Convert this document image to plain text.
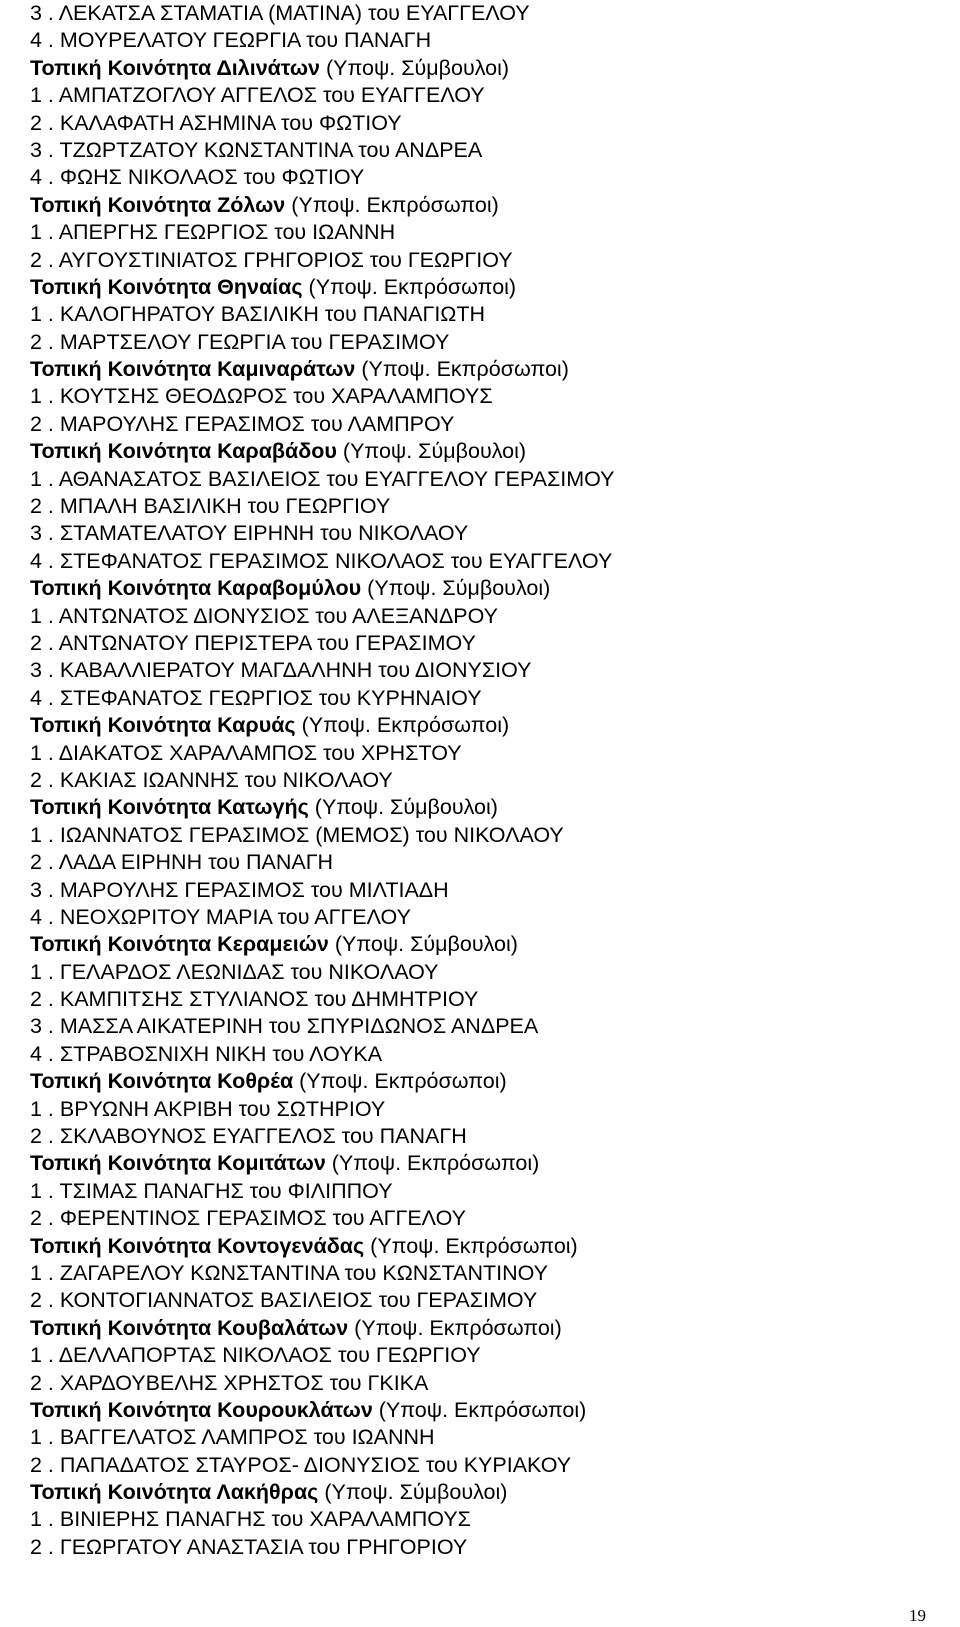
3 . ΛΕΚΑΤΣΑ ΣΤΑΜΑΤΙΑ (ΜΑΤΙΝΑ) του ΕΥΑΓΓΕΛΟΥ
4 . ΜΟΥΡΕΛΑΤΟΥ ΓΕΩΡΓΙΑ του ΠΑΝΑΓΗ
Τοπική Κοινότητα Διλινάτων (Υποψ. Σύμβουλοι)
1 . ΑΜΠΑΤΖΟΓΛΟΥ ΑΓΓΕΛΟΣ του ΕΥΑΓΓΕΛΟΥ
2 . ΚΑΛΑΦΑΤΗ ΑΣΗΜΙΝΑ του ΦΩΤΙΟΥ
3 . ΤΖΩΡΤΖΑΤΟΥ ΚΩΝΣΤΑΝΤΙΝΑ του ΑΝΔΡΕΑ
4 . ΦΩΗΣ ΝΙΚΟΛΑΟΣ του ΦΩΤΙΟΥ
Τοπική Κοινότητα Ζόλων (Υποψ. Εκπρόσωποι)
1 . ΑΠΕΡΓΗΣ ΓΕΩΡΓΙΟΣ του ΙΩΑΝΝΗ
2 . ΑΥΓΟΥΣΤΙΝΙΑΤΟΣ ΓΡΗΓΟΡΙΟΣ του ΓΕΩΡΓΙΟΥ
Τοπική Κοινότητα Θηναίας (Υποψ. Εκπρόσωποι)
1 . ΚΑΛΟΓΗΡΑΤΟΥ ΒΑΣΙΛΙΚΗ του ΠΑΝΑΓΙΩΤΗ
2 . ΜΑΡΤΣΕΛΟΥ ΓΕΩΡΓΙΑ του ΓΕΡΑΣΙΜΟΥ
Τοπική Κοινότητα Καμιναράτων (Υποψ. Εκπρόσωποι)
1 . ΚΟΥΤΣΗΣ ΘΕΟΔΩΡΟΣ του ΧΑΡΑΛΑΜΠΟΥΣ
2 . ΜΑΡΟΥΛΗΣ ΓΕΡΑΣΙΜΟΣ του ΛΑΜΠΡΟΥ
Τοπική Κοινότητα Καραβάδου (Υποψ. Σύμβουλοι)
1 . ΑΘΑΝΑΣΑΤΟΣ ΒΑΣΙΛΕΙΟΣ του ΕΥΑΓΓΕΛΟΥ ΓΕΡΑΣΙΜΟΥ
2 . ΜΠΑΛΗ ΒΑΣΙΛΙΚΗ του ΓΕΩΡΓΙΟΥ
3 . ΣΤΑΜΑΤΕΛΑΤΟΥ ΕΙΡΗΝΗ του ΝΙΚΟΛΑΟΥ
4 . ΣΤΕΦΑΝΑΤΟΣ ΓΕΡΑΣΙΜΟΣ ΝΙΚΟΛΑΟΣ του ΕΥΑΓΓΕΛΟΥ
Τοπική Κοινότητα Καραβομύλου (Υποψ. Σύμβουλοι)
1 . ΑΝΤΩΝΑΤΟΣ ΔΙΟΝΥΣΙΟΣ του ΑΛΕΞΑΝΔΡΟΥ
2 . ΑΝΤΩΝΑΤΟΥ ΠΕΡΙΣΤΕΡΑ του ΓΕΡΑΣΙΜΟΥ
3 . ΚΑΒΑΛΛΙΕΡΑΤΟΥ ΜΑΓΔΑΛΗΝΗ του ΔΙΟΝΥΣΙΟΥ
4 . ΣΤΕΦΑΝΑΤΟΣ ΓΕΩΡΓΙΟΣ του ΚΥΡΗΝΑΙΟΥ
Τοπική Κοινότητα Καρυάς (Υποψ. Εκπρόσωποι)
1 . ΔΙΑΚΑΤΟΣ ΧΑΡΑΛΑΜΠΟΣ του ΧΡΗΣΤΟΥ
2 . ΚΑΚΙΑΣ ΙΩΑΝΝΗΣ του ΝΙΚΟΛΑΟΥ
Τοπική Κοινότητα Κατωγής (Υποψ. Σύμβουλοι)
1 . ΙΩΑΝΝΑΤΟΣ ΓΕΡΑΣΙΜΟΣ (ΜΕΜΟΣ) του ΝΙΚΟΛΑΟΥ
2 . ΛΑΔΑ ΕΙΡΗΝΗ του ΠΑΝΑΓΗ
3 . ΜΑΡΟΥΛΗΣ ΓΕΡΑΣΙΜΟΣ του ΜΙΛΤΙΑΔΗ
4 . ΝΕΟΧΩΡΙΤΟΥ ΜΑΡΙΑ του ΑΓΓΕΛΟΥ
Τοπική Κοινότητα Κεραμειών (Υποψ. Σύμβουλοι)
1 . ΓΕΛΑΡΔΟΣ ΛΕΩΝΙΔΑΣ του ΝΙΚΟΛΑΟΥ
2 . ΚΑΜΠΙΤΣΗΣ ΣΤΥΛΙΑΝΟΣ του ΔΗΜΗΤΡΙΟΥ
3 . ΜΑΣΣΑ ΑΙΚΑΤΕΡΙΝΗ του ΣΠΥΡΙΔΩΝΟΣ ΑΝΔΡΕΑ
4 . ΣΤΡΑΒΟΣΝΙΧΗ ΝΙΚΗ του ΛΟΥΚΑ
Τοπική Κοινότητα Κοθρέα (Υποψ. Εκπρόσωποι)
1 . ΒΡΥΩΝΗ ΑΚΡΙΒΗ του ΣΩΤΗΡΙΟΥ
2 . ΣΚΛΑΒΟΥΝΟΣ ΕΥΑΓΓΕΛΟΣ του ΠΑΝΑΓΗ
Τοπική Κοινότητα Κομιτάτων (Υποψ. Εκπρόσωποι)
1 . ΤΣΙΜΑΣ ΠΑΝΑΓΗΣ του ΦΙΛΙΠΠΟΥ
2 . ΦΕΡΕΝΤΙΝΟΣ ΓΕΡΑΣΙΜΟΣ του ΑΓΓΕΛΟΥ
Τοπική Κοινότητα Κοντογενάδας (Υποψ. Εκπρόσωποι)
1 . ΖΑΓΑΡΕΛΟΥ ΚΩΝΣΤΑΝΤΙΝΑ του ΚΩΝΣΤΑΝΤΙΝΟΥ
2 . ΚΟΝΤΟΓΙΑΝΝΑΤΟΣ ΒΑΣΙΛΕΙΟΣ του ΓΕΡΑΣΙΜΟΥ
Τοπική Κοινότητα Κουβαλάτων (Υποψ. Εκπρόσωποι)
1 . ΔΕΛΛΑΠΟΡΤΑΣ ΝΙΚΟΛΑΟΣ του ΓΕΩΡΓΙΟΥ
2 . ΧΑΡΔΟΥΒΕΛΗΣ ΧΡΗΣΤΟΣ του ΓΚΙΚΑ
Τοπική Κοινότητα Κουρουκλάτων (Υποψ. Εκπρόσωποι)
1 . ΒΑΓΓΕΛΑΤΟΣ ΛΑΜΠΡΟΣ του ΙΩΑΝΝΗ
2 . ΠΑΠΑΔΑΤΟΣ ΣΤΑΥΡΟΣ- ΔΙΟΝΥΣΙΟΣ του ΚΥΡΙΑΚΟΥ
Τοπική Κοινότητα Λακήθρας (Υποψ. Σύμβουλοι)
1 . ΒΙΝΙΕΡΗΣ ΠΑΝΑΓΗΣ του ΧΑΡΑΛΑΜΠΟΥΣ
2 . ΓΕΩΡΓΑΤΟΥ ΑΝΑΣΤΑΣΙΑ του ΓΡΗΓΟΡΙΟΥ
19
